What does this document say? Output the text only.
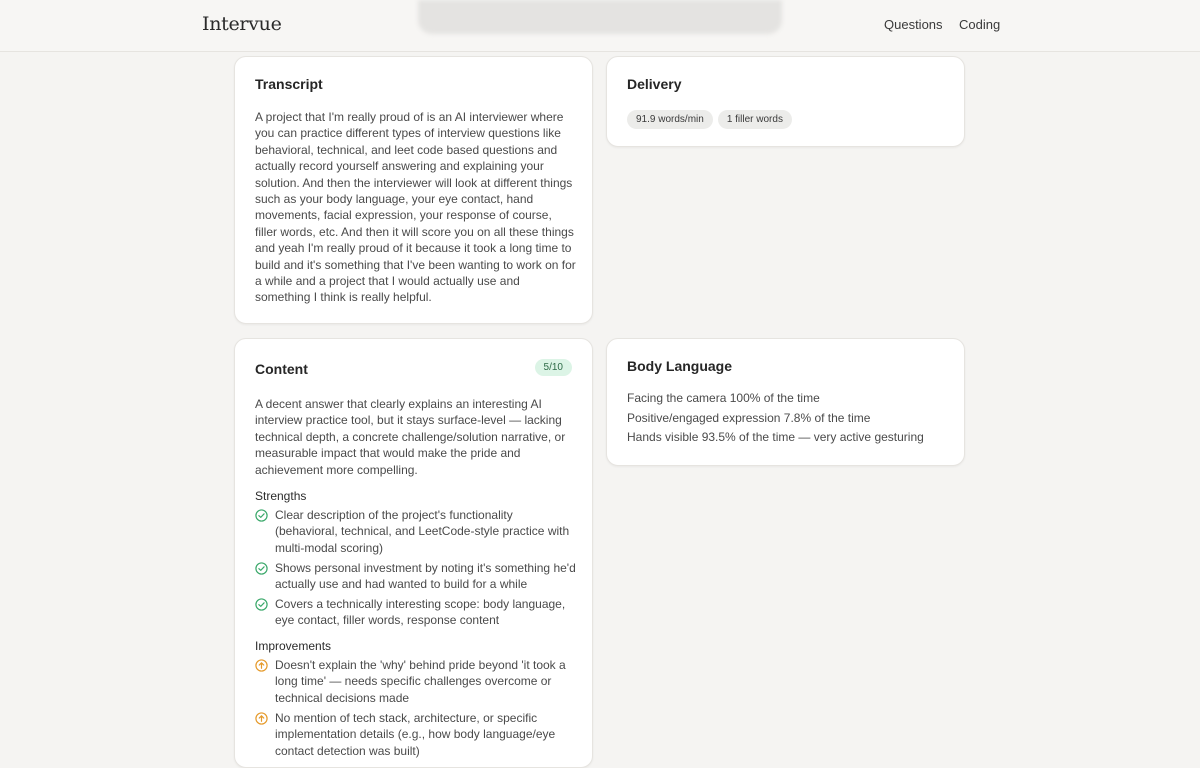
Intervue	Questions Coding
Transcript
A project that I'm really proud of is an AI interviewer where you can practice different types of interview questions like behavioral, technical, and leet code based questions and actually record yourself answering and explaining your solution. And then the interviewer will look at different things such as your body language, your eye contact, hand movements, facial expression, your response of course, filler words, etc. And then it will score you on all these things and yeah I'm really proud of it because it took a long time to build and it's something that I've been wanting to work on for a while and a project that I would actually use and something I think is really helpful.
Delivery
91.9 words/min 1 filler words
Content	5/10
A decent answer that clearly explains an interesting AI interview practice tool, but it stays surface-level — lacking technical depth, a concrete challenge/solution narrative, or measurable impact that would make the pride and achievement more compelling.
Strengths
Clear description of the project's functionality (behavioral, technical, and LeetCode-style practice with multi-modal scoring)
Shows personal investment by noting it's something he'd actually use and had wanted to build for a while
Covers a technically interesting scope: body language, eye contact, filler words, response content
Improvements
Doesn't explain the 'why' behind pride beyond 'it took a long time' — needs specific challenges overcome or technical decisions made
No mention of tech stack, architecture, or specific implementation details (e.g., how body language/eye contact detection was built)
Body Language
Facing the camera 100% of the time
Positive/engaged expression 7.8% of the time
Hands visible 93.5% of the time — very active gesturing
